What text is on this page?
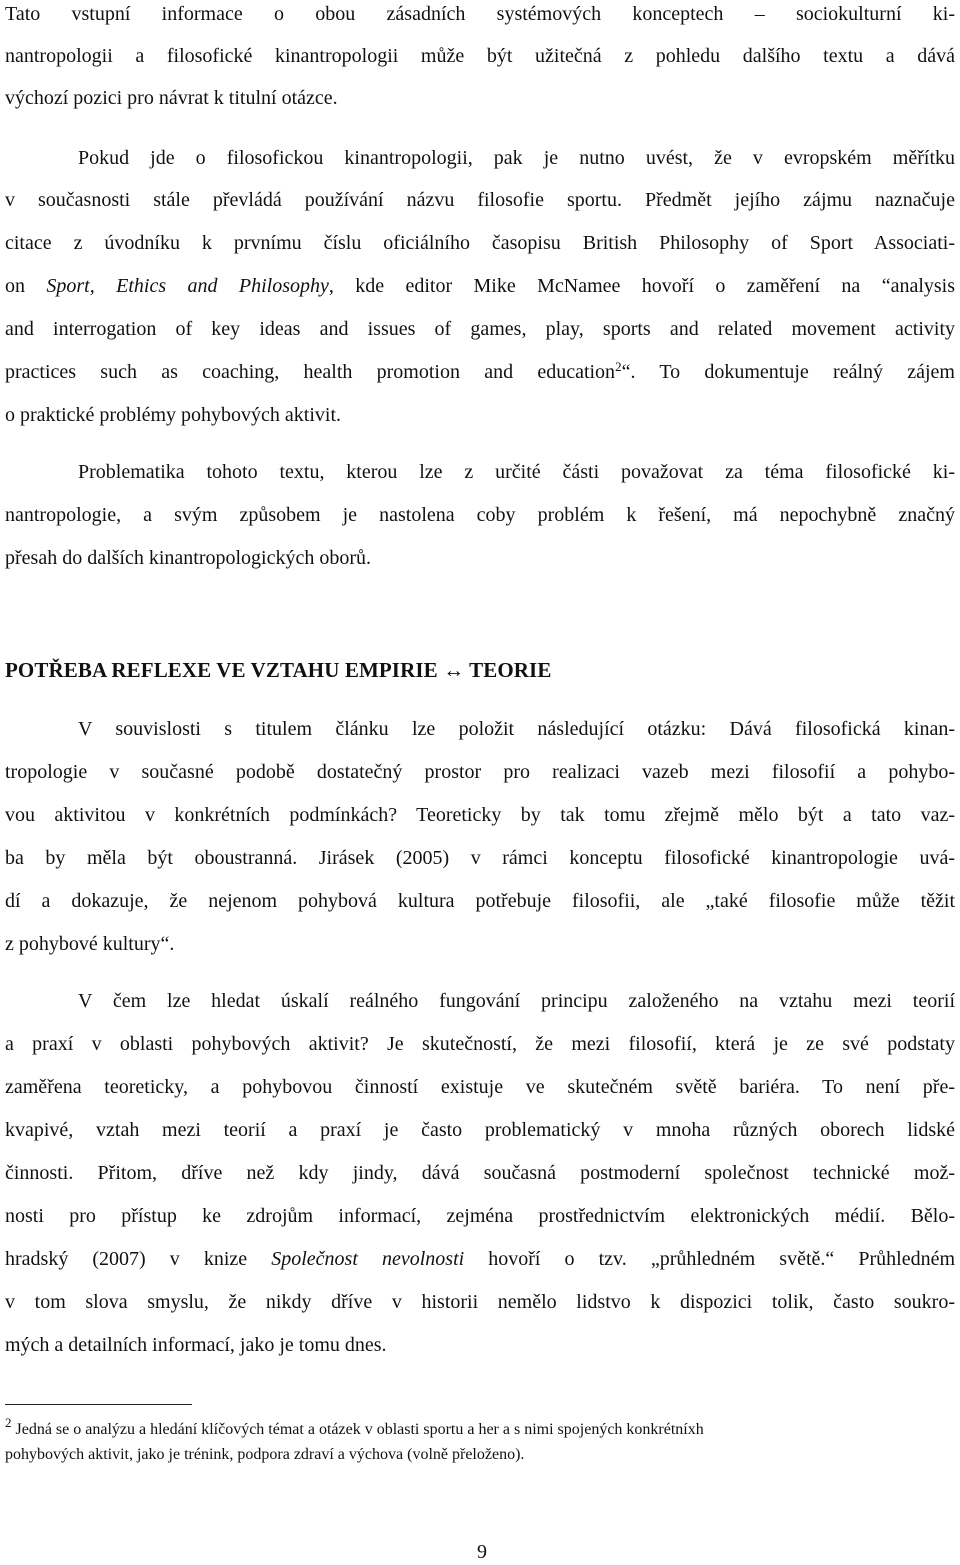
Tato vstupní informace o obou zásadních systémových konceptech – sociokulturní ki-
nantropologii a filosofické kinantropologii může být užitečná z pohledu dalšího textu a dává
výchozí pozici pro návrat k titulní otázce.
Pokud jde o filosofickou kinantropologii, pak je nutno uvést, že v evropském měřítku
v současnosti stále převládá používání názvu filosofie sportu. Předmět jejího zájmu naznačuje
citace z úvodníku k prvnímu číslu oficiálního časopisu British Philosophy of Sport Associati-
on Sport, Ethics and Philosophy, kde editor Mike McNamee hovoří o zaměření na “analysis
and interrogation of key ideas and issues of games, play, sports and related movement activity
practices such as coaching, health promotion and education$^2$“. To dokumentuje reálný zájem
o praktické problémy pohybových aktivit.
Problematika tohoto textu, kterou lze z určité části považovat za téma filosofické ki-
nantropologie, a svým způsobem je nastolena coby problém k řešení, má nepochybně značný
přesah do dalších kinantropologických oborů.
POTŘEBA REFLEXE VE VZTAHU EMPIRIE ↔ TEORIE
V souvislosti s titulem článku lze položit následující otázku: Dává filosofická kinan-
tropologie v současné podobě dostatečný prostor pro realizaci vazeb mezi filosofií a pohybo-
vou aktivitou v konkrétních podmínkách? Teoreticky by tak tomu zřejmě mělo být a tato vaz-
ba by měla být oboustranná. Jirásek (2005) v rámci konceptu filosofické kinantropologie uvá-
dí a dokazuje, že nejenom pohybová kultura potřebuje filosofii, ale „také filosofie může těžit
z pohybové kultury“.
V čem lze hledat úskalí reálného fungování principu založeného na vztahu mezi teorií
a praxí v oblasti pohybových aktivit? Je skutečností, že mezi filosofií, která je ze své podstaty
zaměřena teoreticky, a pohybovou činností existuje ve skutečném světě bariéra. To není pře-
kvapivé, vztah mezi teorií a praxí je často problematický v mnoha různých oborech lidské
činnosti. Přitom, dříve než kdy jindy, dává současná postmoderní společnost technické mož-
nosti pro přístup ke zdrojům informací, zejména prostřednictvím elektronických médií. Bělo-
hradský (2007) v knize Společnost nevolnosti hovoří o tzv. „průhledném světě.“ Průhledném
v tom slova smyslu, že nikdy dříve v historii nemělo lidstvo k dispozici tolik, často soukro-
mých a detailních informací, jako je tomu dnes.
$^2$ Jedná se o analýzu a hledání klíčových témat a otázek v oblasti sportu a her a s nimi spojených konkrétníxh
pohybových aktivit, jako je trénink, podpora zdraví a výchova (volně přeloženo).
9
